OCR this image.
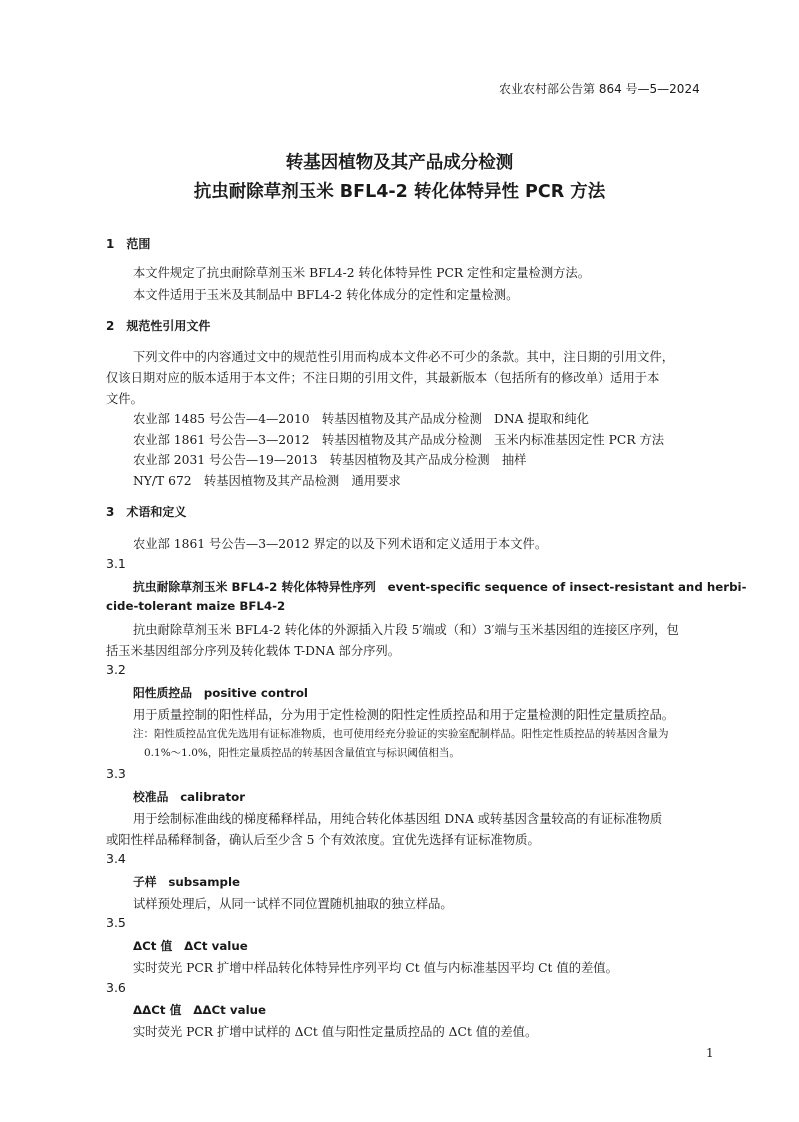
农业农村部公告第 864 号—5—2024
转基因植物及其产品成分检测
抗虫耐除草剂玉米 BFL4-2 转化体特异性 PCR 方法
1　范围
本文件规定了抗虫耐除草剂玉米 BFL4-2 转化体特异性 PCR 定性和定量检测方法。
本文件适用于玉米及其制品中 BFL4-2 转化体成分的定性和定量检测。
2　规范性引用文件
下列文件中的内容通过文中的规范性引用而构成本文件必不可少的条款。其中，注日期的引用文件，
仅该日期对应的版本适用于本文件；不注日期的引用文件，其最新版本（包括所有的修改单）适用于本
文件。
农业部 1485 号公告—4—2010　转基因植物及其产品成分检测　DNA 提取和纯化
农业部 1861 号公告—3—2012　转基因植物及其产品成分检测　玉米内标准基因定性 PCR 方法
农业部 2031 号公告—19—2013　转基因植物及其产品成分检测　抽样
NY/T 672　转基因植物及其产品检测　通用要求
3　术语和定义
农业部 1861 号公告—3—2012 界定的以及下列术语和定义适用于本文件。
3.1
抗虫耐除草剂玉米 BFL4-2 转化体特异性序列　event-specific sequence of insect-resistant and herbi-
cide-tolerant maize BFL4-2
抗虫耐除草剂玉米 BFL4-2 转化体的外源插入片段 5′端或（和）3′端与玉米基因组的连接区序列，包
括玉米基因组部分序列及转化载体 T-DNA 部分序列。
3.2
阳性质控品　positive control
用于质量控制的阳性样品，分为用于定性检测的阳性定性质控品和用于定量检测的阳性定量质控品。
注：阳性质控品宜优先选用有证标准物质，也可使用经充分验证的实验室配制样品。阳性定性质控品的转基因含量为
0.1%～1.0%，阳性定量质控品的转基因含量值宜与标识阈值相当。
3.3
校准品　calibrator
用于绘制标准曲线的梯度稀释样品，用纯合转化体基因组 DNA 或转基因含量较高的有证标准物质
或阳性样品稀释制备，确认后至少含 5 个有效浓度。宜优先选择有证标准物质。
3.4
子样　subsample
试样预处理后，从同一试样不同位置随机抽取的独立样品。
3.5
ΔCt 值　ΔCt value
实时荧光 PCR 扩增中样品转化体特异性序列平均 Ct 值与内标准基因平均 Ct 值的差值。
3.6
ΔΔCt 值　ΔΔCt value
实时荧光 PCR 扩增中试样的 ΔCt 值与阳性定量质控品的 ΔCt 值的差值。
1
